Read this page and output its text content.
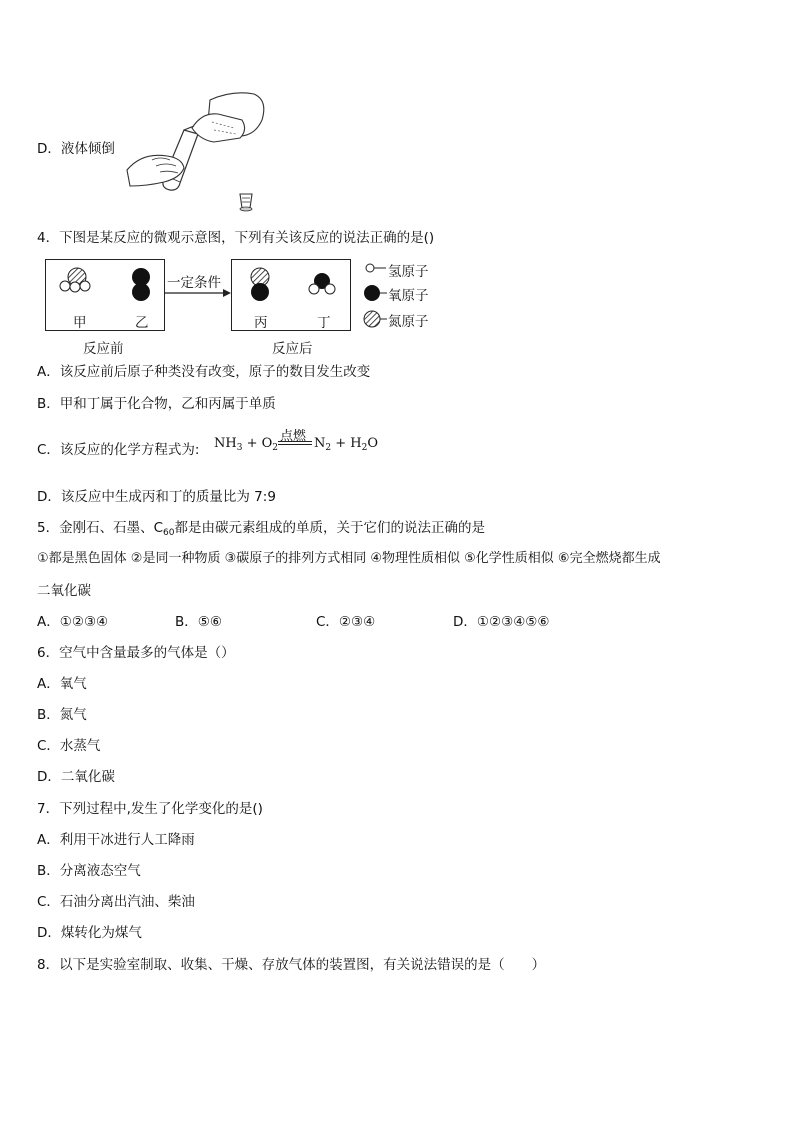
D．液体倾倒
4．下图是某反应的微观示意图，下列有关该反应的说法正确的是()
甲	乙
一定条件
丙	丁
反应前	反应后
氢原子
氧原子
氮原子
A．该反应前后原子种类没有改变，原子的数目发生改变
B．甲和丁属于化合物，乙和丙属于单质
C．该反应的化学方程式为: $NH_3 + O_2$
点燃 $N_2 + H_2O$
D．该反应中生成丙和丁的质量比为 7:9
5．金刚石、石墨、$C_{60}$都是由碳元素组成的单质，关于它们的说法正确的是
①都是黑色固体 ②是同一种物质 ③碳原子的排列方式相同 ④物理性质相似 ⑤化学性质相似 ⑥完全燃烧都生成
二氧化碳
A．①②③④	B．⑤⑥	C．②③④	D．①②③④⑤⑥
6．空气中含量最多的气体是（）
A．氧气
B．氮气
C．水蒸气
D．二氧化碳
7．下列过程中,发生了化学变化的是()
A．利用干冰进行人工降雨
B．分离液态空气
C．石油分离出汽油、柴油
D．煤转化为煤气
8．以下是实验室制取、收集、干燥、存放气体的装置图，有关说法错误的是（　　）
